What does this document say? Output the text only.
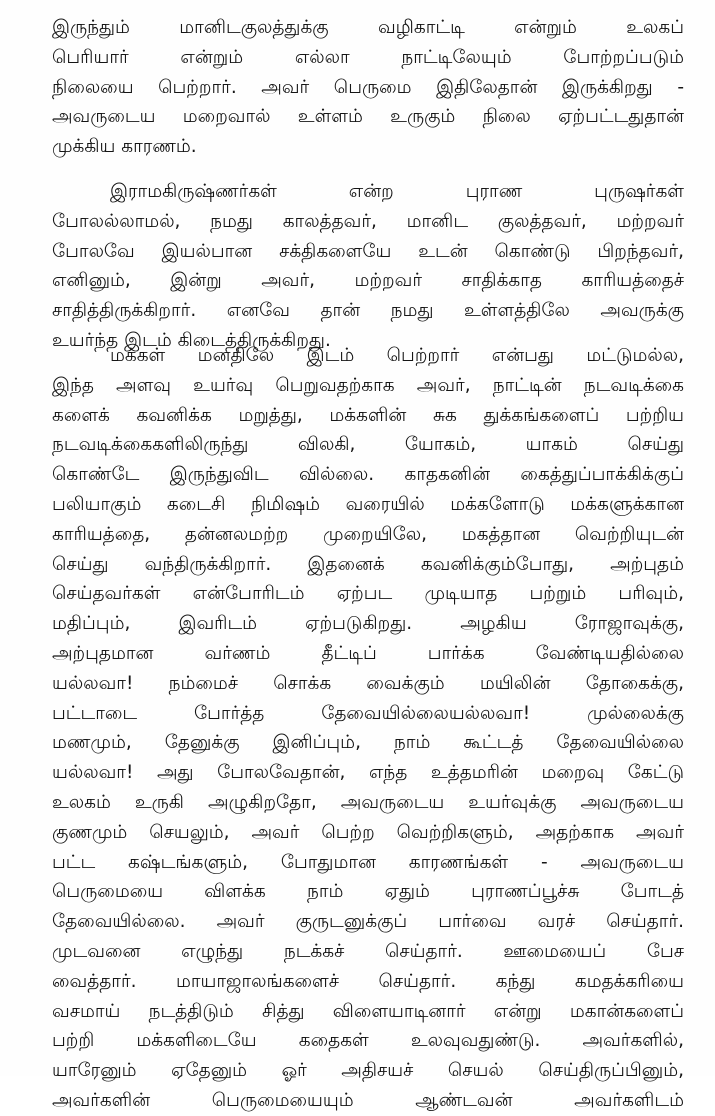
இருந்தும் மானிடகுலத்துக்கு வழிகாட்டி என்றும் உலகப்
பெரியார் என்றும் எல்லா நாட்டிலேயும் போற்றப்படும்
நிலையை பெற்றார். அவர் பெருமை இதிலேதான் இருக்கிறது -
அவருடைய மறைவால் உள்ளம் உருகும் நிலை ஏற்பட்டதுதான்
முக்கிய காரணம்.
இராமகிருஷ்ணர்கள் என்ற புராண புருஷர்கள்
போலல்லாமல், நமது காலத்தவர், மானிட குலத்தவர், மற்றவர்
போலவே இயல்பான சக்திகளையே உடன் கொண்டு பிறந்தவர்,
எனினும், இன்று அவர், மற்றவர் சாதிக்காத காரியத்தைச்
சாதித்திருக்கிறார். எனவே தான் நமது உள்ளத்திலே அவருக்கு
உயர்ந்த இடம் கிடைத்திருக்கிறது.
மக்கள் மனதிலே இடம் பெற்றார் என்பது மட்டுமல்ல,
இந்த அளவு உயர்வு பெறுவதற்காக அவர், நாட்டின் நடவடிக்கை
களைக் கவனிக்க மறுத்து, மக்களின் சுக துக்கங்களைப் பற்றிய
நடவடிக்கைகளிலிருந்து விலகி, யோகம், யாகம் செய்து
கொண்டே இருந்துவிட வில்லை. காதகனின் கைத்துப்பாக்கிக்குப்
பலியாகும் கடைசி நிமிஷம் வரையில் மக்களோடு மக்களுக்கான
காரியத்தை, தன்னலமற்ற முறையிலே, மகத்தான வெற்றியுடன்
செய்து வந்திருக்கிறார். இதனைக் கவனிக்கும்போது, அற்புதம்
செய்தவர்கள் என்போரிடம் ஏற்பட முடியாத பற்றும் பரிவும்,
மதிப்பும், இவரிடம் ஏற்படுகிறது. அழகிய ரோஜாவுக்கு,
அற்புதமான வர்ணம் தீட்டிப் பார்க்க வேண்டியதில்லை
யல்லவா! நம்மைச் சொக்க வைக்கும் மயிலின் தோகைக்கு,
பட்டாடை போர்த்த தேவையில்லையல்லவா! முல்லைக்கு
மணமும், தேனுக்கு இனிப்பும், நாம் கூட்டத் தேவையில்லை
யல்லவா! அது போலவேதான், எந்த உத்தமரின் மறைவு கேட்டு
உலகம் உருகி அழுகிறதோ, அவருடைய உயர்வுக்கு அவருடைய
குணமும் செயலும், அவர் பெற்ற வெற்றிகளும், அதற்காக அவர்
பட்ட கஷ்டங்களும், போதுமான காரணங்கள் - அவருடைய
பெருமையை விளக்க நாம் ஏதும் புராணப்பூச்சு போடத்
தேவையில்லை. அவர் குருடனுக்குப் பார்வை வரச் செய்தார்.
முடவனை எழுந்து நடக்கச் செய்தார். ஊமையைப் பேச
வைத்தார். மாயாஜாலங்களைச் செய்தார். கந்து கமதக்கரியை
வசமாய் நடத்திடும் சித்து விளையாடினார் என்று மகான்களைப்
பற்றி மக்களிடையே கதைகள் உலவுவதுண்டு. அவர்களில்,
யாரேனும் ஏதேனும் ஓர் அதிசயச் செயல் செய்திருப்பினும்,
அவர்களின் பெருமையையும் ஆண்டவன் அவர்களிடம்
